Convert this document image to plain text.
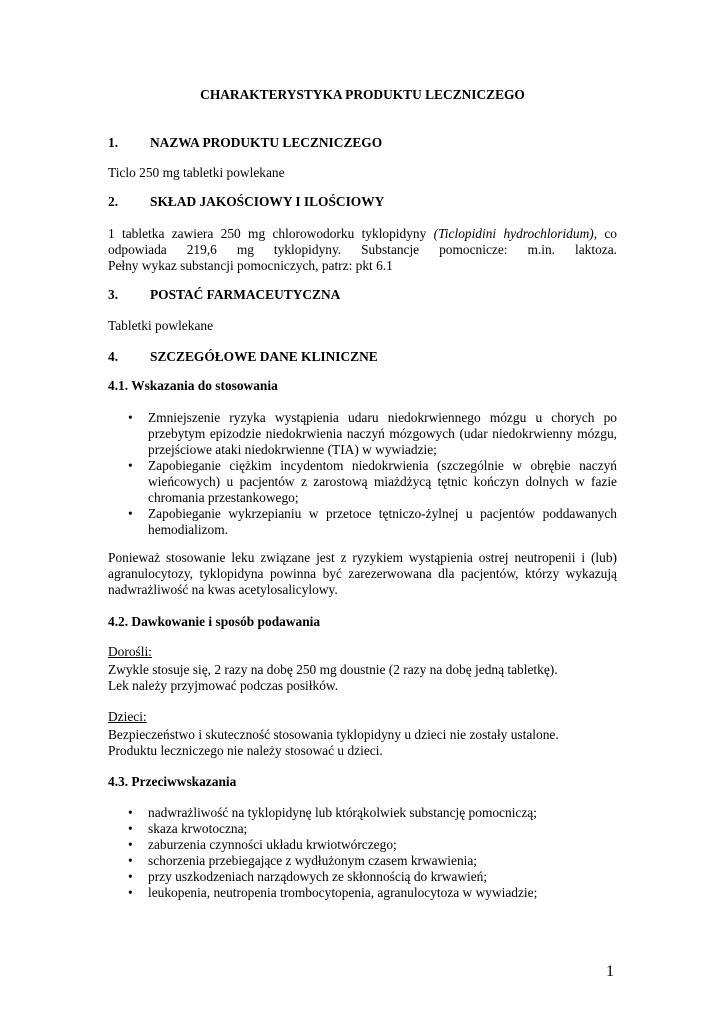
CHARAKTERYSTYKA PRODUKTU LECZNICZEGO
1. NAZWA PRODUKTU LECZNICZEGO
Ticlo 250 mg tabletki powlekane
2. SKŁAD JAKOŚCIOWY I ILOŚCIOWY
1 tabletka zawiera 250 mg chlorowodorku tyklopidyny (Ticlopidini hydrochloridum), co
odpowiada 219,6 mg tyklopidyny. Substancje pomocnicze: m.in. laktoza.
Pełny wykaz substancji pomocniczych, patrz: pkt 6.1
3. POSTAĆ FARMACEUTYCZNA
Tabletki powlekane
4. SZCZEGÓŁOWE DANE KLINICZNE
4.1. Wskazania do stosowania
• Zmniejszenie ryzyka wystąpienia udaru niedokrwiennego mózgu u chorych po przebytym epizodzie niedokrwienia naczyń mózgowych (udar niedokrwienny mózgu, przejściowe ataki niedokrwienne (TIA) w wywiadzie;
• Zapobieganie ciężkim incydentom niedokrwienia (szczególnie w obrębie naczyń wieńcowych) u pacjentów z zarostową miażdżycą tętnic kończyn dolnych w fazie chromania przestankowego;
• Zapobieganie wykrzepianiu w przetoce tętniczo-żylnej u pacjentów poddawanych hemodializom.
Ponieważ stosowanie leku związane jest z ryzykiem wystąpienia ostrej neutropenii i (lub) agranulocytozy, tyklopidyna powinna być zarezerwowana dla pacjentów, którzy wykazują nadwrażliwość na kwas acetylosalicylowy.
4.2. Dawkowanie i sposób podawania
Dorośli:
Zwykle stosuje się, 2 razy na dobę 250 mg doustnie (2 razy na dobę jedną tabletkę).
Lek należy przyjmować podczas posiłków.
Dzieci:
Bezpieczeństwo i skuteczność stosowania tyklopidyny u dzieci nie zostały ustalone.
Produktu leczniczego nie należy stosować u dzieci.
4.3. Przeciwwskazania
• nadwrażliwość na tyklopidynę lub którąkolwiek substancję pomocniczą;
• skaza krwotoczna;
• zaburzenia czynności układu krwiotwórczego;
• schorzenia przebiegające z wydłużonym czasem krwawienia;
• przy uszkodzeniach narządowych ze skłonnością do krwawień;
• leukopenia, neutropenia trombocytopenia, agranulocytoza w wywiadzie;
1
